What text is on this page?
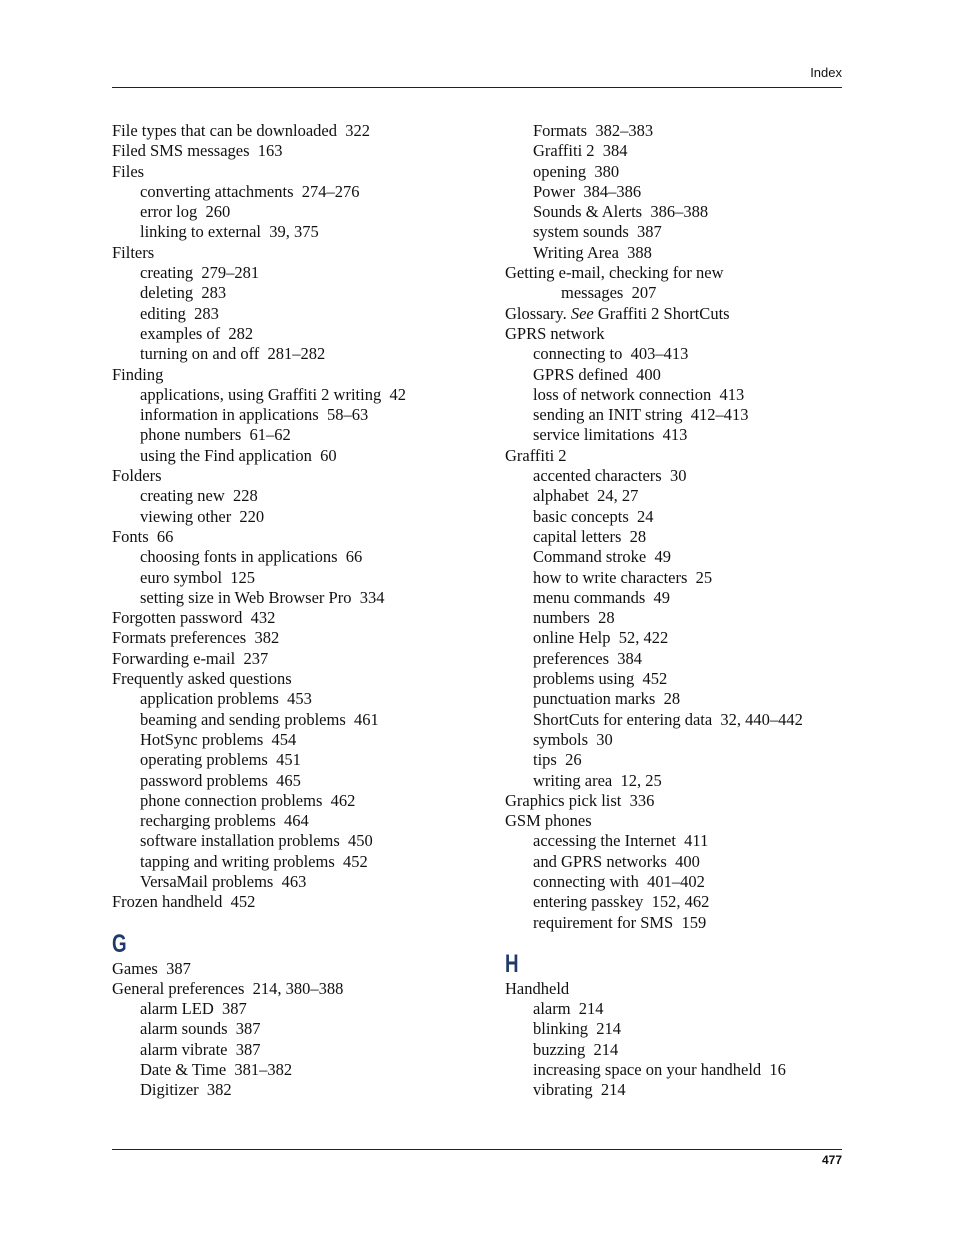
Index
File types that can be downloaded  322
Filed SMS messages  163
Files
converting attachments  274–276
error log  260
linking to external  39, 375
Filters
creating  279–281
deleting  283
editing  283
examples of  282
turning on and off  281–282
Finding
applications, using Graffiti 2 writing  42
information in applications  58–63
phone numbers  61–62
using the Find application  60
Folders
creating new  228
viewing other  220
Fonts  66
choosing fonts in applications  66
euro symbol  125
setting size in Web Browser Pro  334
Forgotten password  432
Formats preferences  382
Forwarding e-mail  237
Frequently asked questions
application problems  453
beaming and sending problems  461
HotSync problems  454
operating problems  451
password problems  465
phone connection problems  462
recharging problems  464
software installation problems  450
tapping and writing problems  452
VersaMail problems  463
Frozen handheld  452
G
Games  387
General preferences  214, 380–388
alarm LED  387
alarm sounds  387
alarm vibrate  387
Date & Time  381–382
Digitizer  382
Formats  382–383
Graffiti 2  384
opening  380
Power  384–386
Sounds & Alerts  386–388
system sounds  387
Writing Area  388
Getting e-mail, checking for new
messages  207
Glossary. See Graffiti 2 ShortCuts
GPRS network
connecting to  403–413
GPRS defined  400
loss of network connection  413
sending an INIT string  412–413
service limitations  413
Graffiti 2
accented characters  30
alphabet  24, 27
basic concepts  24
capital letters  28
Command stroke  49
how to write characters  25
menu commands  49
numbers  28
online Help  52, 422
preferences  384
problems using  452
punctuation marks  28
ShortCuts for entering data  32, 440–442
symbols  30
tips  26
writing area  12, 25
Graphics pick list  336
GSM phones
accessing the Internet  411
and GPRS networks  400
connecting with  401–402
entering passkey  152, 462
requirement for SMS  159
H
Handheld
alarm  214
blinking  214
buzzing  214
increasing space on your handheld  16
vibrating  214
477
